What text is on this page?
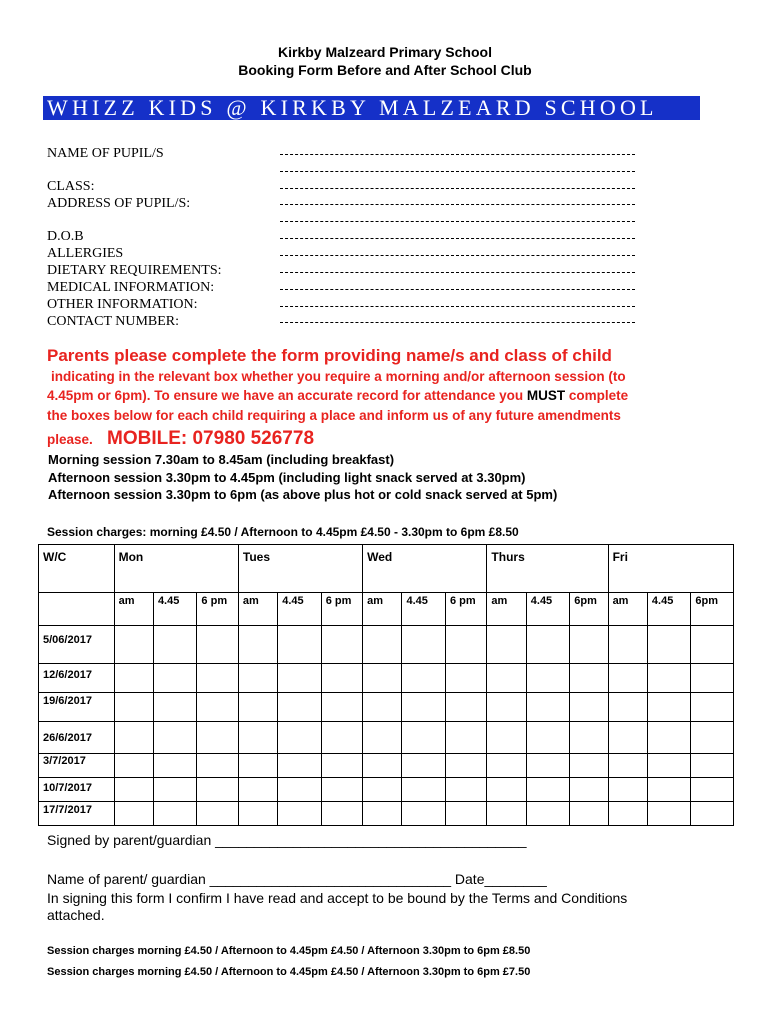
Kirkby Malzeard Primary School
Booking Form Before and After School Club
WHIZZ KIDS @ KIRKBY MALZEARD SCHOOL
NAME OF PUPIL/S
CLASS:
ADDRESS OF PUPIL/S:
D.O.B
ALLERGIES
DIETARY REQUIREMENTS:
MEDICAL INFORMATION:
OTHER INFORMATION:
CONTACT NUMBER:
Parents please complete the form providing name/s and class of child
indicating in the relevant box whether you require a morning and/or afternoon session (to
4.45pm or 6pm). To ensure we have an accurate record for attendance you MUST complete
the boxes below for each child requiring a place and inform us of any future amendments
please. MOBILE: 07980 526778
Morning session 7.30am to 8.45am (including breakfast)
Afternoon session 3.30pm to 4.45pm (including light snack served at 3.30pm)
Afternoon session 3.30pm to 6pm (as above plus hot or cold snack served at 5pm)
Session charges: morning £4.50 / Afternoon to 4.45pm £4.50 - 3.30pm to 6pm £8.50
W/C	Mon			Tues			Wed			Thurs			Fri		
	am	4.45	6 pm	am	4.45	6 pm	am	4.45	6 pm	am	4.45	6pm	am	4.45	6pm
5/06/2017															
12/6/2017															
19/6/2017															
26/6/2017															
3/7/2017															
10/7/2017															
17/7/2017															
Signed by parent/guardian ________________________________________
Name of parent/ guardian _______________________________ Date________
In signing this form I confirm I have read and accept to be bound by the Terms and Conditions
attached.
Session charges morning £4.50 / Afternoon to 4.45pm £4.50 / Afternoon 3.30pm to 6pm £8.50
Session charges morning £4.50 / Afternoon to 4.45pm £4.50 / Afternoon 3.30pm to 6pm £7.50
